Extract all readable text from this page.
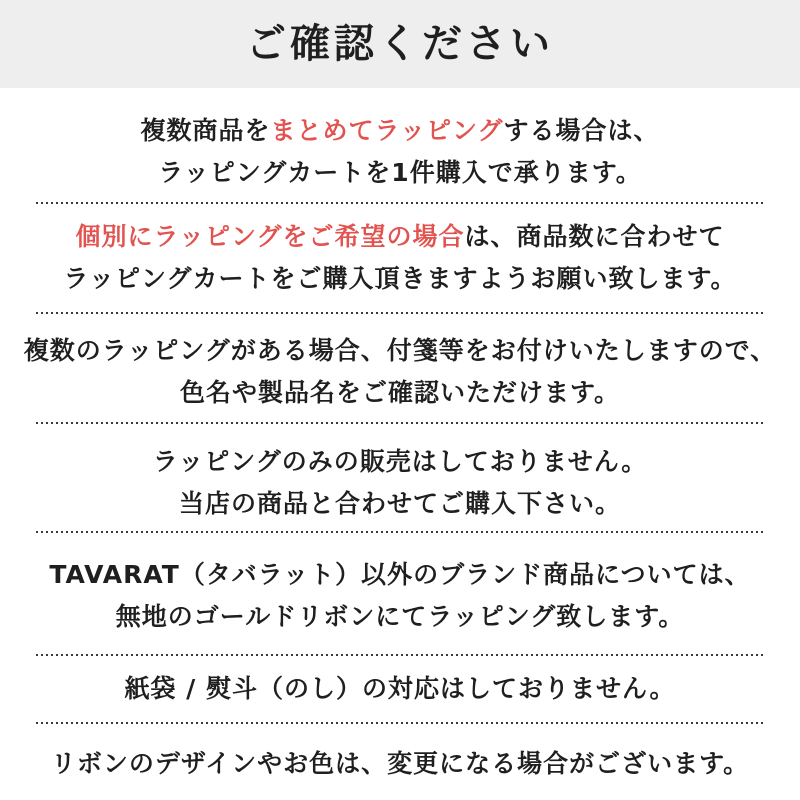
ご確認ください

複数商品をまとめてラッピングする場合は、

ラッピングカートを1件購入で承ります。

個別にラッピングをご希望の場合は、商品数に合わせて

ラッピングカートをご購入頂きますようお願い致します。

複数のラッピングがある場合、付箋等をお付けいたしますので、

色名や製品名をご確認いただけます。

ラッピングのみの販売はしておりません。

当店の商品と合わせてご購入下さい。

TAVARAT（タバラット）以外のブランド商品については、

無地のゴールドリボンにてラッピング致します。

紙袋 / 熨斗（のし）の対応はしておりません。

リボンのデザインやお色は、変更になる場合がございます。
